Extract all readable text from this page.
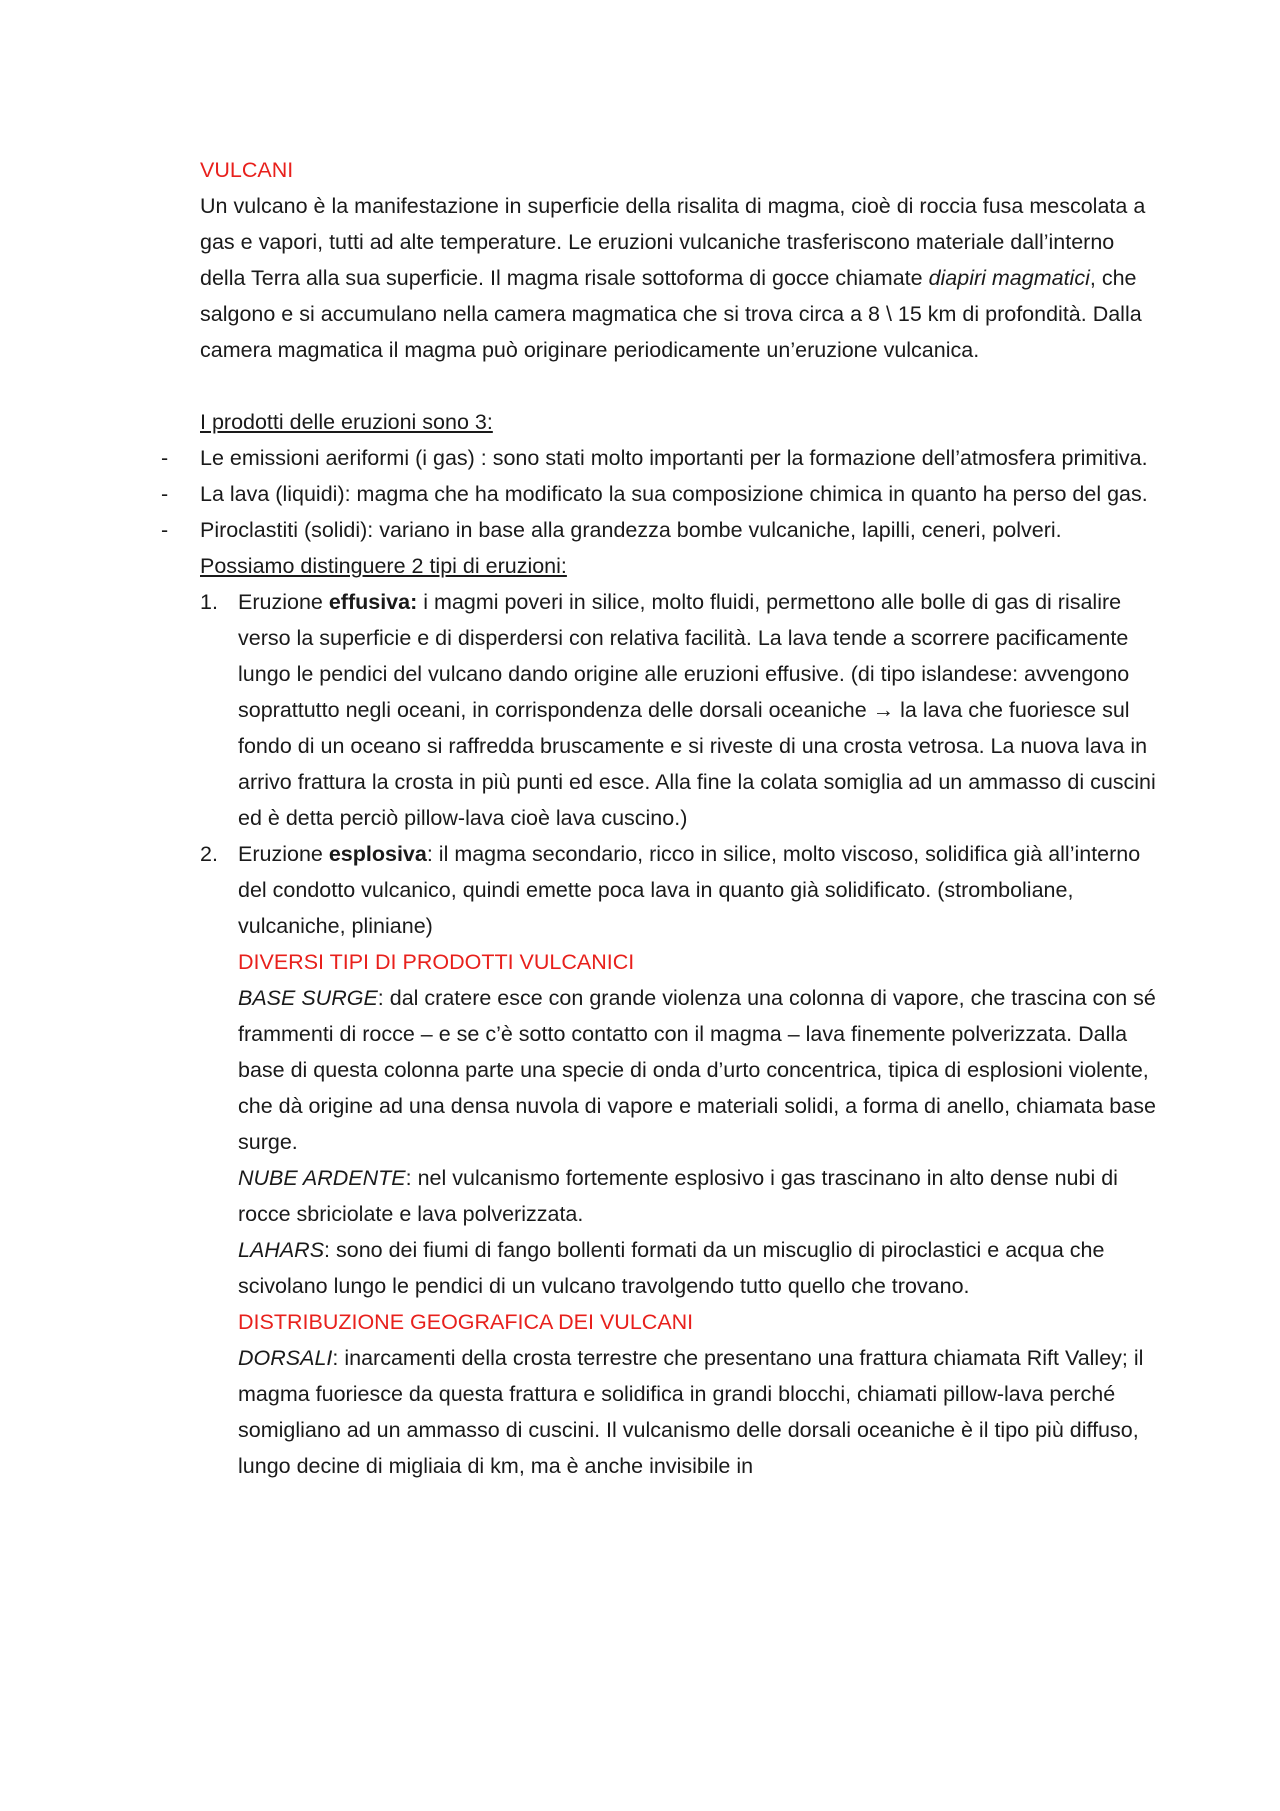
VULCANI

Un vulcano è la manifestazione in superficie della risalita di magma, cioè di roccia fusa mescolata a gas e vapori, tutti ad alte temperature. Le eruzioni vulcaniche trasferiscono materiale dall’interno della Terra alla sua superficie. Il magma risale sottoforma di gocce chiamate diapiri magmatici, che salgono e si accumulano nella camera magmatica che si trova circa a 8 \ 15 km di profondità. Dalla camera magmatica il magma può originare periodicamente un’eruzione vulcanica.

I prodotti delle eruzioni sono 3:

- Le emissioni aeriformi (i gas) : sono stati molto importanti per la formazione dell’atmosfera primitiva.

- La lava (liquidi): magma che ha modificato la sua composizione chimica in quanto ha perso del gas.

- Piroclastiti (solidi): variano in base alla grandezza bombe vulcaniche, lapilli, ceneri, polveri.

Possiamo distinguere 2 tipi di eruzioni:

1. Eruzione effusiva: i magmi poveri in silice, molto fluidi, permettono alle bolle di gas di risalire verso la superficie e di disperdersi con relativa facilità. La lava tende a scorrere pacificamente lungo le pendici del vulcano dando origine alle eruzioni effusive. (di tipo islandese: avvengono soprattutto negli oceani, in corrispondenza delle dorsali oceaniche → la lava che fuoriesce sul fondo di un oceano si raffredda bruscamente e si riveste di una crosta vetrosa. La nuova lava in arrivo frattura la crosta in più punti ed esce. Alla fine la colata somiglia ad un ammasso di cuscini ed è detta perciò pillow-lava cioè lava cuscino.)

2. Eruzione esplosiva: il magma secondario, ricco in silice, molto viscoso, solidifica già all’interno del condotto vulcanico, quindi emette poca lava in quanto già solidificato. (stromboliane, vulcaniche, pliniane)

DIVERSI TIPI DI PRODOTTI VULCANICI

BASE SURGE: dal cratere esce con grande violenza una colonna di vapore, che trascina con sé frammenti di rocce – e se c’è sotto contatto con il magma – lava finemente polverizzata. Dalla base di questa colonna parte una specie di onda d’urto concentrica, tipica di esplosioni violente, che dà origine ad una densa nuvola di vapore e materiali solidi, a forma di anello, chiamata base surge.

NUBE ARDENTE: nel vulcanismo fortemente esplosivo i gas trascinano in alto dense nubi di rocce sbriciolate e lava polverizzata.

LAHARS: sono dei fiumi di fango bollenti formati da un miscuglio di piroclastici e acqua che scivolano lungo le pendici di un vulcano travolgendo tutto quello che trovano.

DISTRIBUZIONE GEOGRAFICA DEI VULCANI

DORSALI: inarcamenti della crosta terrestre che presentano una frattura chiamata Rift Valley; il magma fuoriesce da questa frattura e solidifica in grandi blocchi, chiamati pillow-lava perché somigliano ad un ammasso di cuscini. Il vulcanismo delle dorsali oceaniche è il tipo più diffuso, lungo decine di migliaia di km, ma è anche invisibile in
